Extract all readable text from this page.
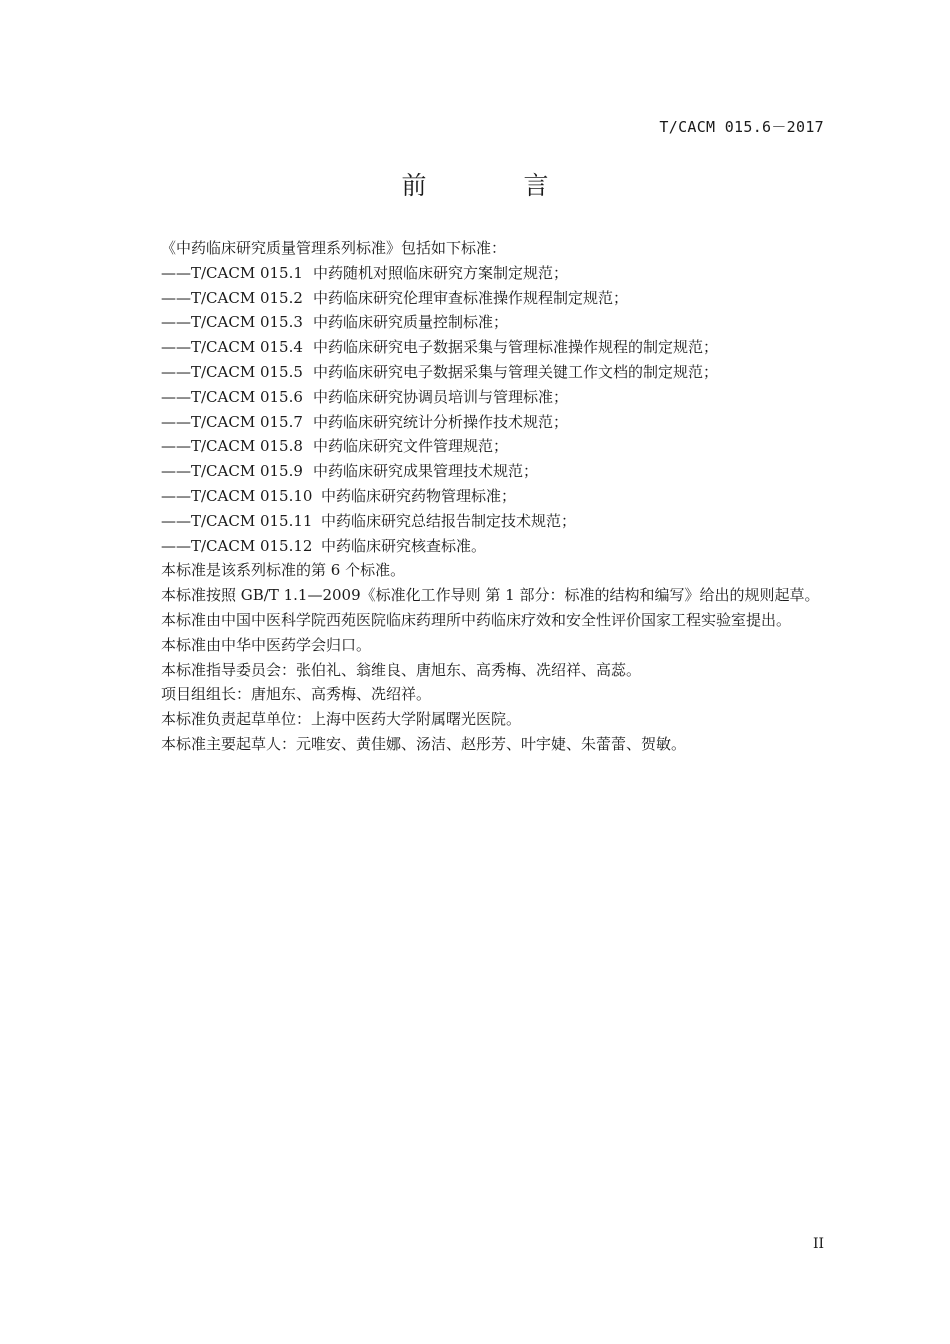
T/CACM 015.6－2017
前　言

《中药临床研究质量管理系列标准》包括如下标准：

——T/CACM 015.1 中药随机对照临床研究方案制定规范；

——T/CACM 015.2 中药临床研究伦理审查标准操作规程制定规范；

——T/CACM 015.3 中药临床研究质量控制标准；

——T/CACM 015.4 中药临床研究电子数据采集与管理标准操作规程的制定规范；

——T/CACM 015.5 中药临床研究电子数据采集与管理关键工作文档的制定规范；

——T/CACM 015.6 中药临床研究协调员培训与管理标准；

——T/CACM 015.7 中药临床研究统计分析操作技术规范；

——T/CACM 015.8 中药临床研究文件管理规范；

——T/CACM 015.9 中药临床研究成果管理技术规范；

——T/CACM 015.10 中药临床研究药物管理标准；

——T/CACM 015.11 中药临床研究总结报告制定技术规范；

——T/CACM 015.12 中药临床研究核查标准。

本标准是该系列标准的第 6 个标准。

本标准按照 GB/T 1.1—2009《标准化工作导则 第 1 部分：标准的结构和编写》给出的规则起草。

本标准由中国中医科学院西苑医院临床药理所中药临床疗效和安全性评价国家工程实验室提出。

本标准由中华中医药学会归口。

本标准指导委员会：张伯礼、翁维良、唐旭东、高秀梅、冼绍祥、高蕊。

项目组组长：唐旭东、高秀梅、冼绍祥。

本标准负责起草单位：上海中医药大学附属曙光医院。

本标准主要起草人：元唯安、黄佳娜、汤洁、赵彤芳、叶宇婕、朱蕾蕾、贺敏。

II
